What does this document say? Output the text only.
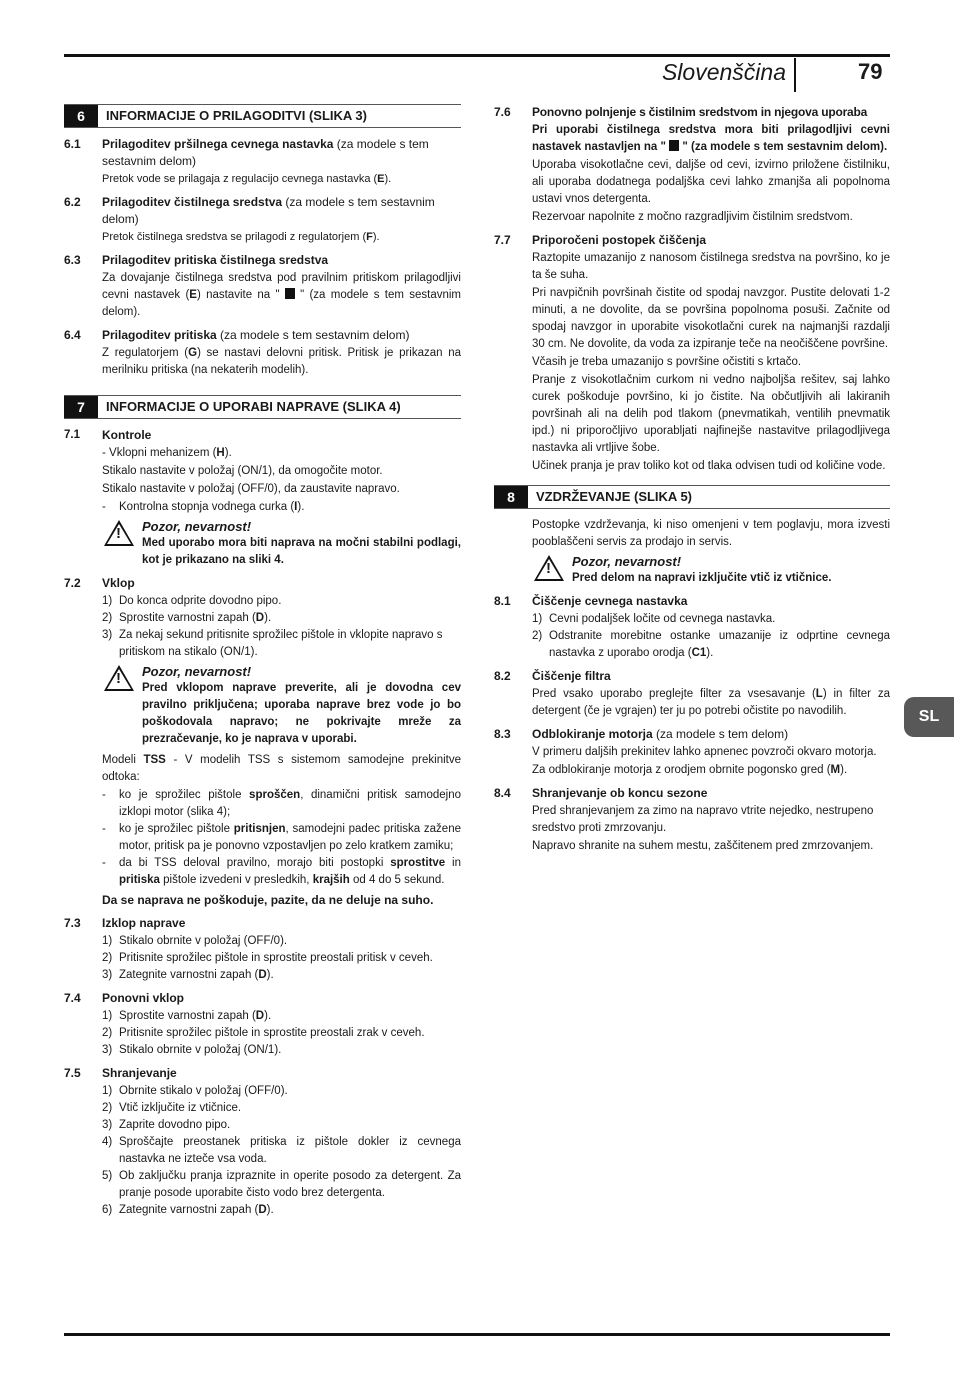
Slovenščina	79
SL
6	INFORMACIJE O PRILAGODITVI (SLIKA 3)
6.1 Prilagoditev pršilnega cevnega nastavka (za modele s tem sestavnim delom)
Pretok vode se prilagaja z regulacijo cevnega nastavka (E).
6.2 Prilagoditev čistilnega sredstva (za modele s tem sestavnim delom)
Pretok čistilnega sredstva se prilagodi z regulatorjem (F).
6.3 Prilagoditev pritiska čistilnega sredstva
Za dovajanje čistilnega sredstva pod pravilnim pritiskom prilagodljivi cevni nastavek (E) nastavite na "  " (za modele s tem sestavnim delom).
6.4 Prilagoditev pritiska (za modele s tem sestavnim delom)
Z regulatorjem (G) se nastavi delovni pritisk. Pritisk je prikazan na merilniku pritiska (na nekaterih modelih).
7	INFORMACIJE O UPORABI NAPRAVE (SLIKA 4)
7.1 Kontrole
- Vklopni mehanizem (H).
Stikalo nastavite v položaj (ON/1), da omogočite motor.
Stikalo nastavite v položaj (OFF/0), da zaustavite napravo.
- Kontrolna stopnja vodnega curka (I).
! Pozor, nevarnost!
Med uporabo mora biti naprava na močni stabilni podlagi, kot je prikazano na sliki 4.
7.2 Vklop
1) Do konca odprite dovodno pipo.
2) Sprostite varnostni zapah (D).
3) Za nekaj sekund pritisnite sprožilec pištole in vklopite napravo s pritiskom na stikalo (ON/1).
! Pozor, nevarnost!
Pred vklopom naprave preverite, ali je dovodna cev pravilno priključena; uporaba naprave brez vode jo bo poškodovala napravo; ne pokrivajte mreže za prezračevanje, ko je naprava v uporabi.
Modeli TSS - V modelih TSS s sistemom samodejne prekinitve odtoka:
- ko je sprožilec pištole sproščen, dinamični pritisk samodejno izklopi motor (slika 4);
- ko je sprožilec pištole pritisnjen, samodejni padec pritiska zažene motor, pritisk pa je ponovno vzpostavljen po zelo kratkem zamiku;
- da bi TSS deloval pravilno, morajo biti postopki sprostitve in pritiska pištole izvedeni v presledkih, krajših od 4 do 5 sekund.
Da se naprava ne poškoduje, pazite, da ne deluje na suho.
7.3 Izklop naprave
1) Stikalo obrnite v položaj (OFF/0).
2) Pritisnite sprožilec pištole in sprostite preostali pritisk v ceveh.
3) Zategnite varnostni zapah (D).
7.4 Ponovni vklop
1) Sprostite varnostni zapah (D).
2) Pritisnite sprožilec pištole in sprostite preostali zrak v ceveh.
3) Stikalo obrnite v položaj (ON/1).
7.5 Shranjevanje
1) Obrnite stikalo v položaj (OFF/0).
2) Vtič izključite iz vtičnice.
3) Zaprite dovodno pipo.
4) Sproščajte preostanek pritiska iz pištole dokler iz cevnega nastavka ne izteče vsa voda.
5) Ob zaključku pranja izpraznite in operite posodo za detergent. Za pranje posode uporabite čisto vodo brez detergenta.
6) Zategnite varnostni zapah (D).
7.6 Ponovno polnjenje s čistilnim sredstvom in njegova uporaba
Pri uporabi čistilnega sredstva mora biti prilagodljivi cevni nastavek nastavljen na "  " (za modele s tem sestavnim delom).
Uporaba visokotlačne cevi, daljše od cevi, izvirno priložene čistilniku, ali uporaba dodatnega podaljška cevi lahko zmanjša ali popolnoma ustavi vnos detergenta.
Rezervoar napolnite z močno razgradljivim čistilnim sredstvom.
7.7 Priporočeni postopek čiščenja
Raztopite umazanijo z nanosom čistilnega sredstva na površino, ko je ta še suha.
Pri navpičnih površinah čistite od spodaj navzgor. Pustite delovati 1-2 minuti, a ne dovolite, da se površina popolnoma posuši. Začnite od spodaj navzgor in uporabite visokotlačni curek na najmanjši razdalji 30 cm. Ne dovolite, da voda za izpiranje teče na neočiščene površine.
Včasih je treba umazanijo s površine očistiti s krtačo.
Pranje z visokotlačnim curkom ni vedno najboljša rešitev, saj lahko curek poškoduje površino, ki jo čistite. Na občutljivih ali lakiranih površinah ali na delih pod tlakom (pnevmatikah, ventilih pnevmatik ipd.) ni priporočljivo uporabljati najfinejše nastavitve prilagodljivega nastavka ali vrtljive šobe.
Učinek pranja je prav toliko kot od tlaka odvisen tudi od količine vode.
8	VZDRŽEVANJE (SLIKA 5)
Postopke vzdrževanja, ki niso omenjeni v tem poglavju, mora izvesti pooblaščeni servis za prodajo in servis.
! Pozor, nevarnost!
Pred delom na napravi izključite vtič iz vtičnice.
8.1 Čiščenje cevnega nastavka
1) Cevni podaljšek ločite od cevnega nastavka.
2) Odstranite morebitne ostanke umazanije iz odprtine cevnega nastavka z uporabo orodja (C1).
8.2 Čiščenje filtra
Pred vsako uporabo preglejte filter za vsesavanje (L) in filter za detergent (če je vgrajen) ter ju po potrebi očistite po navodilih.
8.3 Odblokiranje motorja (za modele s tem delom)
V primeru daljših prekinitev lahko apnenec povzroči okvaro motorja.
Za odblokiranje motorja z orodjem obrnite pogonsko gred (M).
8.4 Shranjevanje ob koncu sezone
Pred shranjevanjem za zimo na napravo vtrite nejedko, nestrupeno sredstvo proti zmrzovanju.
Napravo shranite na suhem mestu, zaščitenem pred zmrzovanjem.
